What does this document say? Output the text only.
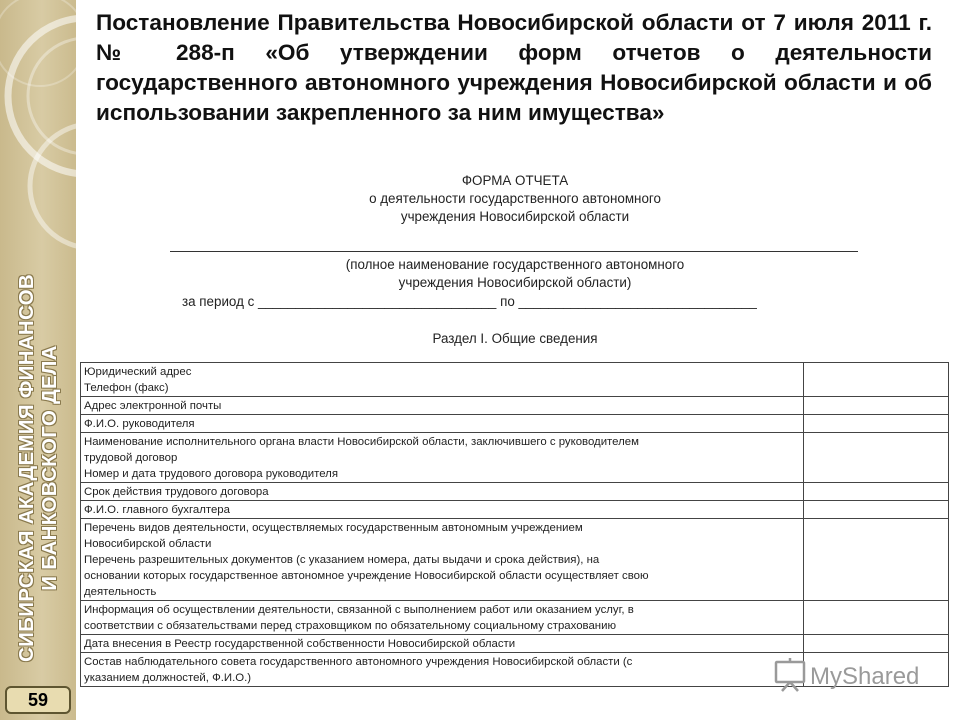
СИБИРСКАЯ АКАДЕМИЯ ФИНАНСОВ И БАНКОВСКОГО ДЕЛА
59
Постановление Правительства Новосибирской области от 7 июля 2011 г. № 288-п «Об утверждении форм отчетов о деятельности государственного автономного учреждения Новосибирской области и об использовании закрепленного за ним имущества»
ФОРМА ОТЧЕТА
о деятельности государственного автономного
учреждения Новосибирской области
(полное наименование государственного автономного
учреждения Новосибирской области)
за период с ________________________________ по ________________________________
Раздел I. Общие сведения
Юридический адрес
Телефон (факс)	

Адрес электронной почты	

Ф.И.О. руководителя	

Наименование исполнительного органа власти Новосибирской области, заключившего с руководителем
трудовой договор
Номер и дата трудового договора руководителя	

Срок действия трудового договора	

Ф.И.О. главного бухгалтера	

Перечень видов деятельности, осуществляемых государственным автономным учреждением
Новосибирской области
Перечень разрешительных документов (с указанием номера, даты выдачи и срока действия), на
основании которых государственное автономное учреждение Новосибирской области осуществляет свою
деятельность	

Информация об осуществлении деятельности, связанной с выполнением работ или оказанием услуг, в
соответствии с обязательствами перед страховщиком по обязательному социальному страхованию	

Дата внесения в Реестр государственной собственности Новосибирской области	

Состав наблюдательного совета государственного автономного учреждения Новосибирской области (с
указанием должностей, Ф.И.О.)	
		MyShared
